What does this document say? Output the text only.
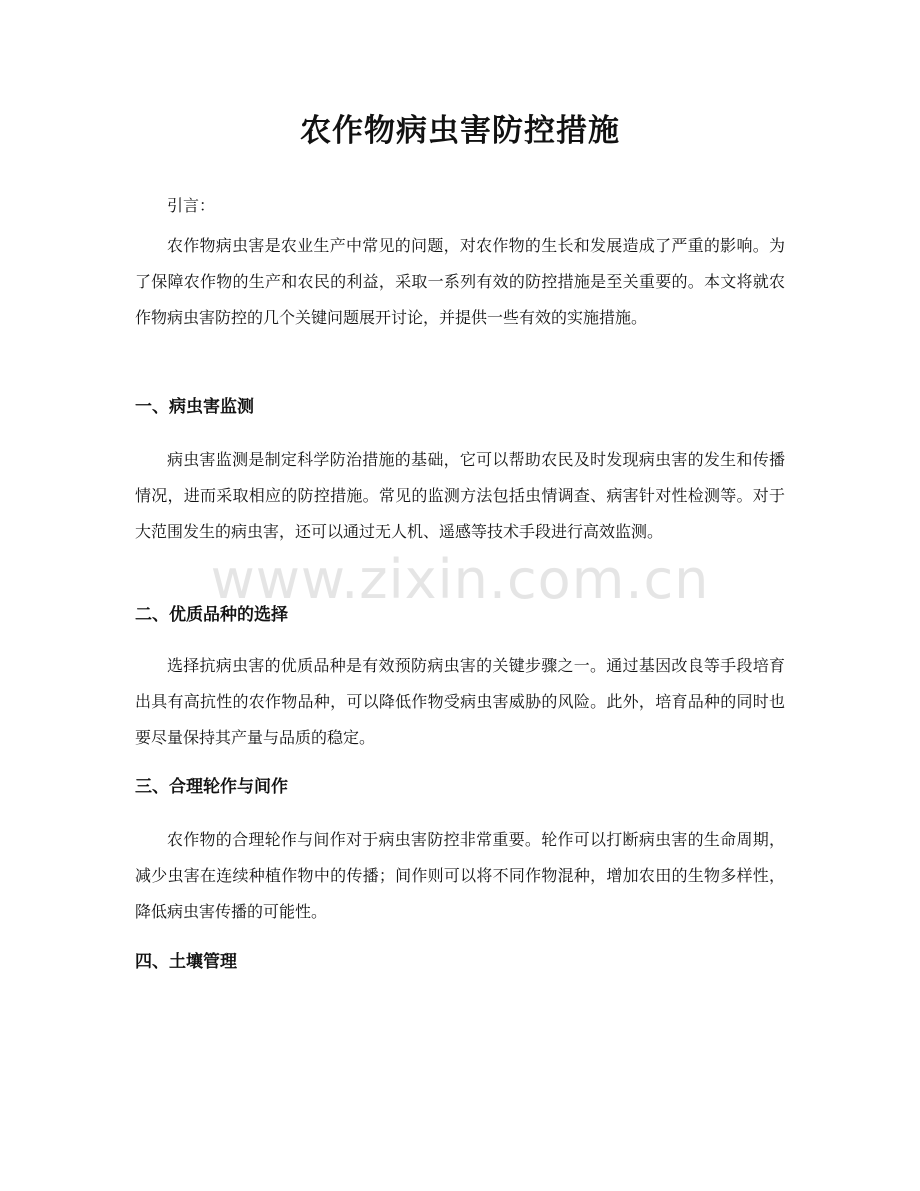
农作物病虫害防控措施

引言：

农作物病虫害是农业生产中常见的问题，对农作物的生长和发展造成了严重的影响。为了保障农作物的生产和农民的利益，采取一系列有效的防控措施是至关重要的。本文将就农作物病虫害防控的几个关键问题展开讨论，并提供一些有效的实施措施。

一、病虫害监测

病虫害监测是制定科学防治措施的基础，它可以帮助农民及时发现病虫害的发生和传播情况，进而采取相应的防控措施。常见的监测方法包括虫情调查、病害针对性检测等。对于大范围发生的病虫害，还可以通过无人机、遥感等技术手段进行高效监测。

二、优质品种的选择

选择抗病虫害的优质品种是有效预防病虫害的关键步骤之一。通过基因改良等手段培育出具有高抗性的农作物品种，可以降低作物受病虫害威胁的风险。此外，培育品种的同时也要尽量保持其产量与品质的稳定。

三、合理轮作与间作

农作物的合理轮作与间作对于病虫害防控非常重要。轮作可以打断病虫害的生命周期，减少虫害在连续种植作物中的传播；间作则可以将不同作物混种，增加农田的生物多样性，降低病虫害传播的可能性。

四、土壤管理

www.zixin.com.cn
